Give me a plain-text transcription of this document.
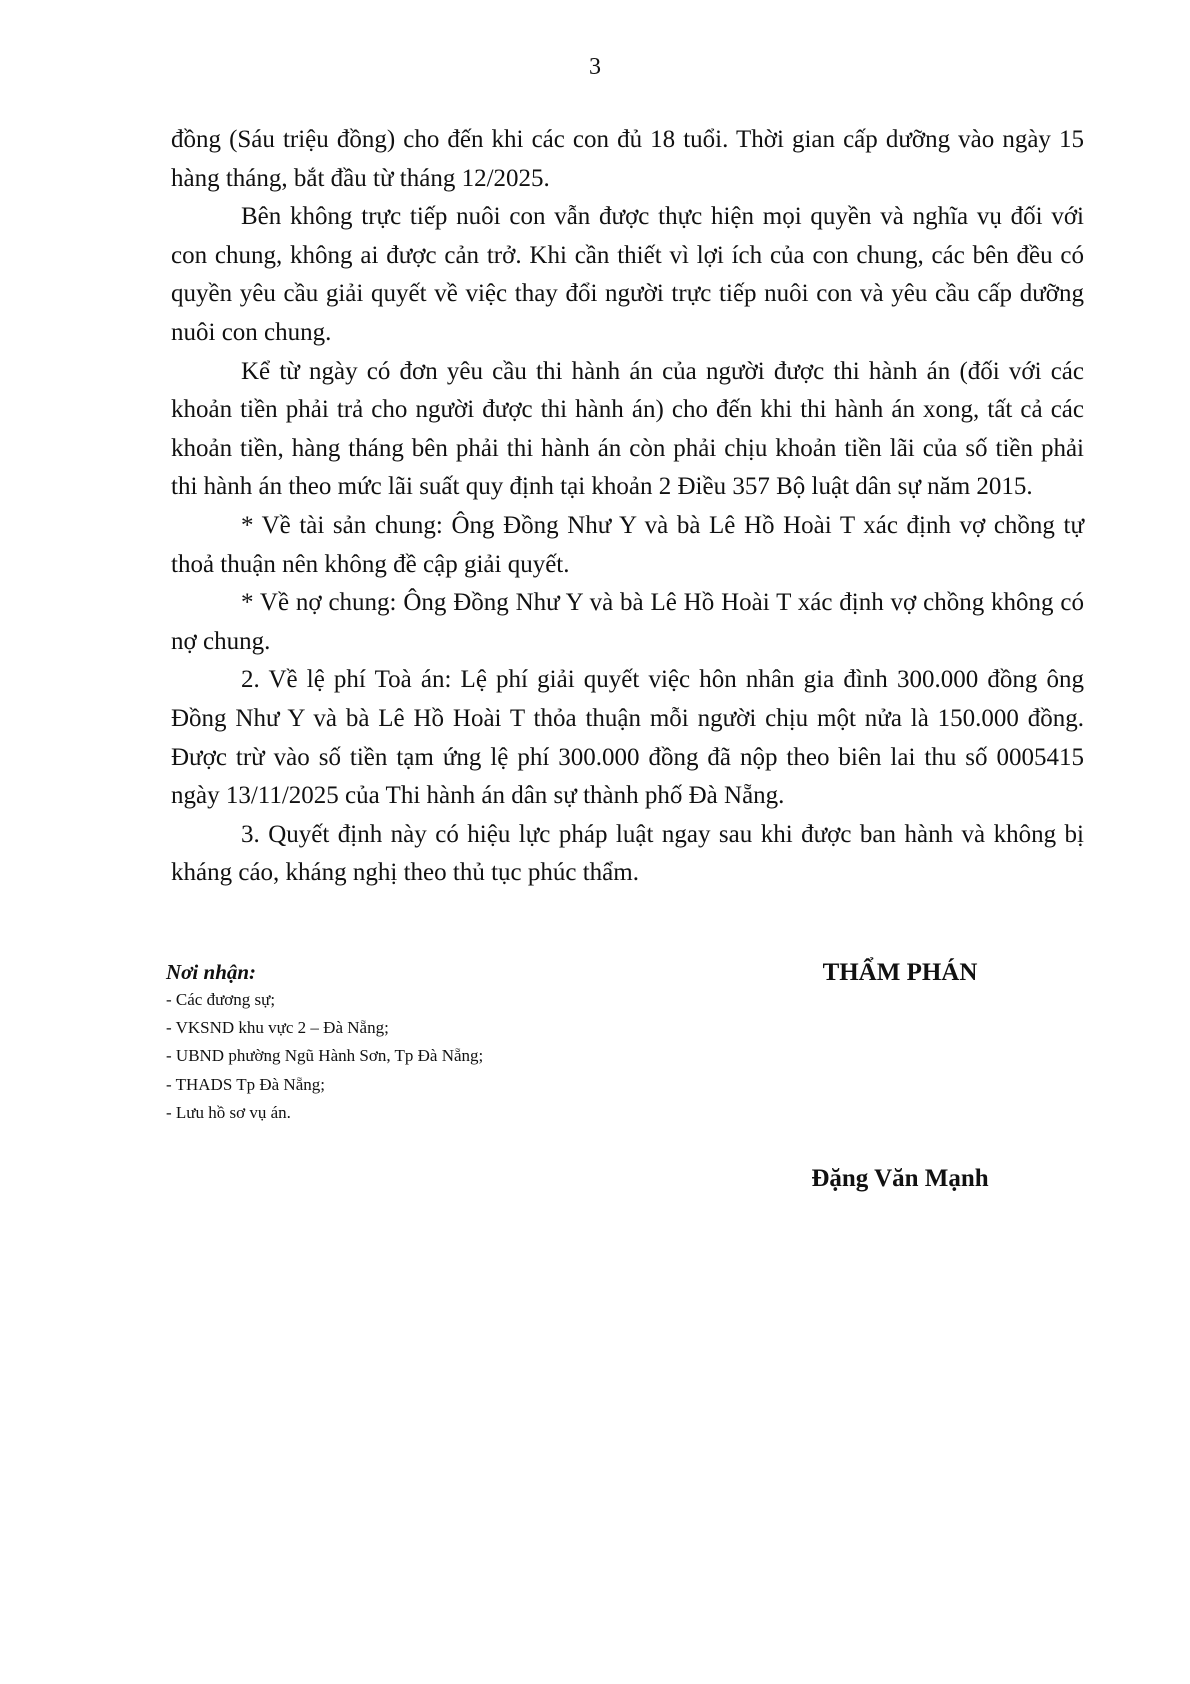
3

đồng (Sáu triệu đồng) cho đến khi các con đủ 18 tuổi. Thời gian cấp dưỡng vào ngày 15 hàng tháng, bắt đầu từ tháng 12/2025.

Bên không trực tiếp nuôi con vẫn được thực hiện mọi quyền và nghĩa vụ đối với con chung, không ai được cản trở. Khi cần thiết vì lợi ích của con chung, các bên đều có quyền yêu cầu giải quyết về việc thay đổi người trực tiếp nuôi con và yêu cầu cấp dưỡng nuôi con chung.

Kể từ ngày có đơn yêu cầu thi hành án của người được thi hành án (đối với các khoản tiền phải trả cho người được thi hành án) cho đến khi thi hành án xong, tất cả các khoản tiền, hàng tháng bên phải thi hành án còn phải chịu khoản tiền lãi của số tiền phải thi hành án theo mức lãi suất quy định tại khoản 2 Điều 357 Bộ luật dân sự năm 2015.

* Về tài sản chung: Ông Đồng Như Y và bà Lê Hồ Hoài T xác định vợ chồng tự thoả thuận nên không đề cập giải quyết.

* Về nợ chung: Ông Đồng Như Y và bà Lê Hồ Hoài T xác định vợ chồng không có nợ chung.

2. Về lệ phí Toà án: Lệ phí giải quyết việc hôn nhân gia đình 300.000 đồng ông Đồng Như Y và bà Lê Hồ Hoài T thỏa thuận mỗi người chịu một nửa là 150.000 đồng. Được trừ vào số tiền tạm ứng lệ phí 300.000 đồng đã nộp theo biên lai thu số 0005415 ngày 13/11/2025 của Thi hành án dân sự thành phố Đà Nẵng.

3. Quyết định này có hiệu lực pháp luật ngay sau khi được ban hành và không bị kháng cáo, kháng nghị theo thủ tục phúc thẩm.

Nơi nhận:
- Các đương sự;
- VKSND khu vực 2 – Đà Nẵng;
- UBND phường Ngũ Hành Sơn, Tp Đà Nẵng;
- THADS Tp Đà Nẵng;
- Lưu hồ sơ vụ án.
THẨM PHÁN
Đặng Văn Mạnh
